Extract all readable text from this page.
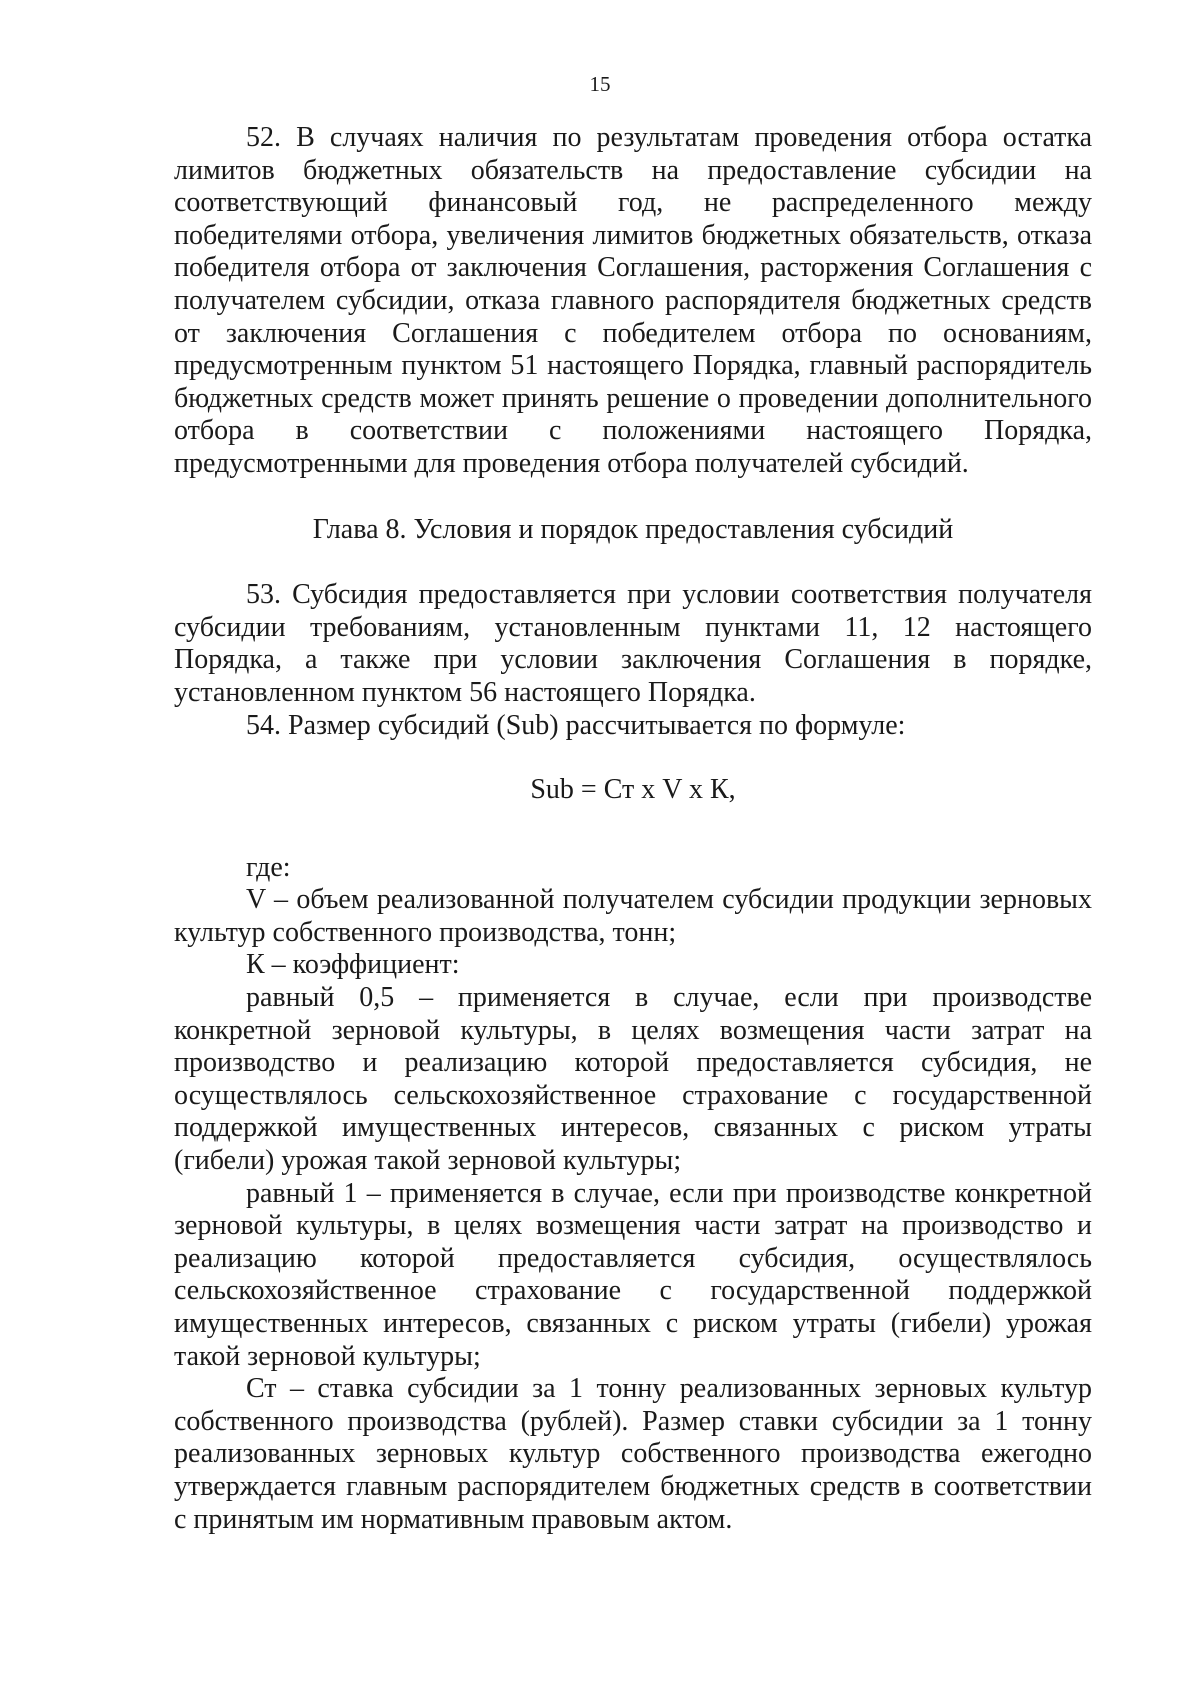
15

52. В случаях наличия по результатам проведения отбора остатка лимитов бюджетных обязательств на предоставление субсидии на соответствующий финансовый год, не распределенного между победителями отбора, увеличения лимитов бюджетных обязательств, отказа победителя отбора от заключения Соглашения, расторжения Соглашения с получателем субсидии, отказа главного распорядителя бюджетных средств от заключения Соглашения с победителем отбора по основаниям, предусмотренным пунктом 51 настоящего Порядка, главный распорядитель бюджетных средств может принять решение о проведении дополнительного отбора в соответствии с положениями настоящего Порядка, предусмотренными для проведения отбора получателей субсидий.

Глава 8. Условия и порядок предоставления субсидий

53. Субсидия предоставляется при условии соответствия получателя субсидии требованиям, установленным пунктами 11, 12 настоящего Порядка, а также при условии заключения Соглашения в порядке, установленном пунктом 56 настоящего Порядка.

54. Размер субсидий (Sub) рассчитывается по формуле:

Sub = Ст х V х К,

где:

V – объем реализованной получателем субсидии продукции зерновых культур собственного производства, тонн;

К – коэффициент:

равный 0,5 – применяется в случае, если при производстве конкретной зерновой культуры, в целях возмещения части затрат на производство и реализацию которой предоставляется субсидия, не осуществлялось сельскохозяйственное страхование с государственной поддержкой имущественных интересов, связанных с риском утраты (гибели) урожая такой зерновой культуры;

равный 1 – применяется в случае, если при производстве конкретной зерновой культуры, в целях возмещения части затрат на производство и реализацию которой предоставляется субсидия, осуществлялось сельскохозяйственное страхование с государственной поддержкой имущественных интересов, связанных с риском утраты (гибели) урожая такой зерновой культуры;

Ст – ставка субсидии за 1 тонну реализованных зерновых культур собственного производства (рублей). Размер ставки субсидии за 1 тонну реализованных зерновых культур собственного производства ежегодно утверждается главным распорядителем бюджетных средств в соответствии с принятым им нормативным правовым актом.
